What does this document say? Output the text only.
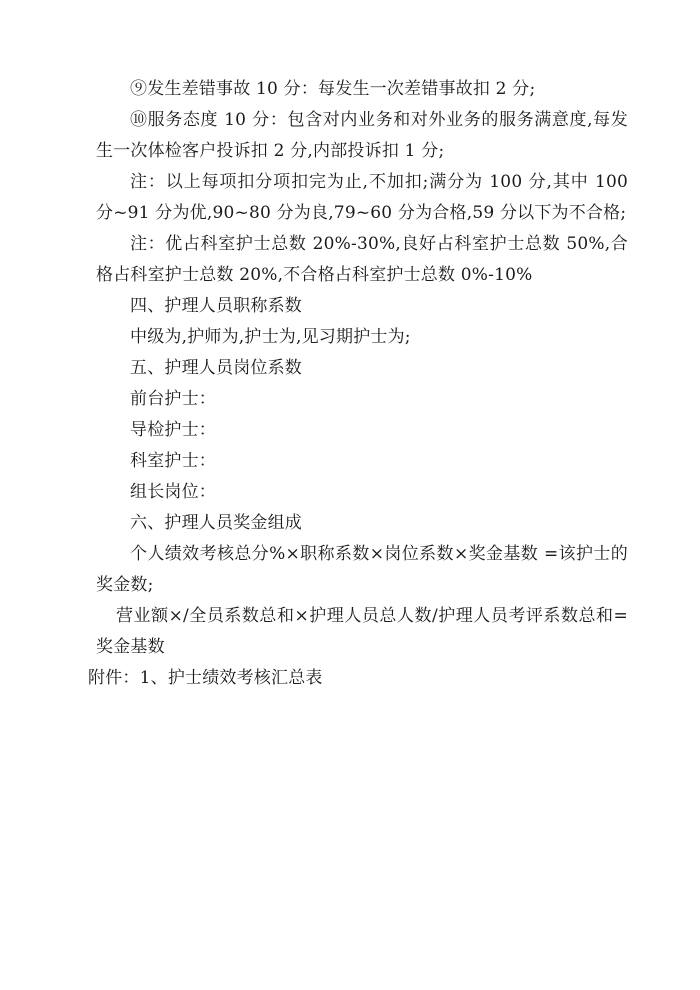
⑨发生差错事故 10 分：每发生一次差错事故扣 2 分;

⑩服务态度 10 分：包含对内业务和对外业务的服务满意度,每发生一次体检客户投诉扣 2 分,内部投诉扣 1 分;

注：以上每项扣分项扣完为止,不加扣;满分为 100 分,其中 100 分~91 分为优,90~80 分为良,79~60 分为合格,59 分以下为不合格;

注：优占科室护士总数 20%-30%,良好占科室护士总数 50%,合格占科室护士总数 20%,不合格占科室护士总数 0%-10%

四、护理人员职称系数

中级为,护师为,护士为,见习期护士为;

五、护理人员岗位系数

前台护士：

导检护士：

科室护士：

组长岗位：

六、护理人员奖金组成

个人绩效考核总分%×职称系数×岗位系数×奖金基数 =该护士的奖金数;

营业额×/全员系数总和×护理人员总人数/护理人员考评系数总和=奖金基数

附件：1、护士绩效考核汇总表
